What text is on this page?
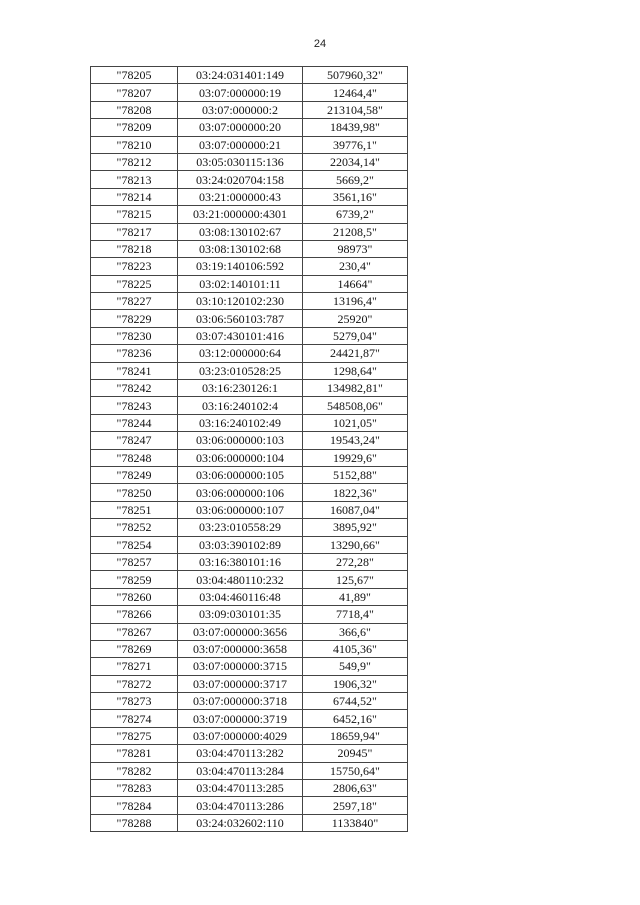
24
"78205	03:24:031401:149	507960,32"
"78207	03:07:000000:19	12464,4"
"78208	03:07:000000:2	213104,58"
"78209	03:07:000000:20	18439,98"
"78210	03:07:000000:21	39776,1"
"78212	03:05:030115:136	22034,14"
"78213	03:24:020704:158	5669,2"
"78214	03:21:000000:43	3561,16"
"78215	03:21:000000:4301	6739,2"
"78217	03:08:130102:67	21208,5"
"78218	03:08:130102:68	98973"
"78223	03:19:140106:592	230,4"
"78225	03:02:140101:11	14664"
"78227	03:10:120102:230	13196,4"
"78229	03:06:560103:787	25920"
"78230	03:07:430101:416	5279,04"
"78236	03:12:000000:64	24421,87"
"78241	03:23:010528:25	1298,64"
"78242	03:16:230126:1	134982,81"
"78243	03:16:240102:4	548508,06"
"78244	03:16:240102:49	1021,05"
"78247	03:06:000000:103	19543,24"
"78248	03:06:000000:104	19929,6"
"78249	03:06:000000:105	5152,88"
"78250	03:06:000000:106	1822,36"
"78251	03:06:000000:107	16087,04"
"78252	03:23:010558:29	3895,92"
"78254	03:03:390102:89	13290,66"
"78257	03:16:380101:16	272,28"
"78259	03:04:480110:232	125,67"
"78260	03:04:460116:48	41,89"
"78266	03:09:030101:35	7718,4"
"78267	03:07:000000:3656	366,6"
"78269	03:07:000000:3658	4105,36"
"78271	03:07:000000:3715	549,9"
"78272	03:07:000000:3717	1906,32"
"78273	03:07:000000:3718	6744,52"
"78274	03:07:000000:3719	6452,16"
"78275	03:07:000000:4029	18659,94"
"78281	03:04:470113:282	20945"
"78282	03:04:470113:284	15750,64"
"78283	03:04:470113:285	2806,63"
"78284	03:04:470113:286	2597,18"
"78288	03:24:032602:110	1133840"
